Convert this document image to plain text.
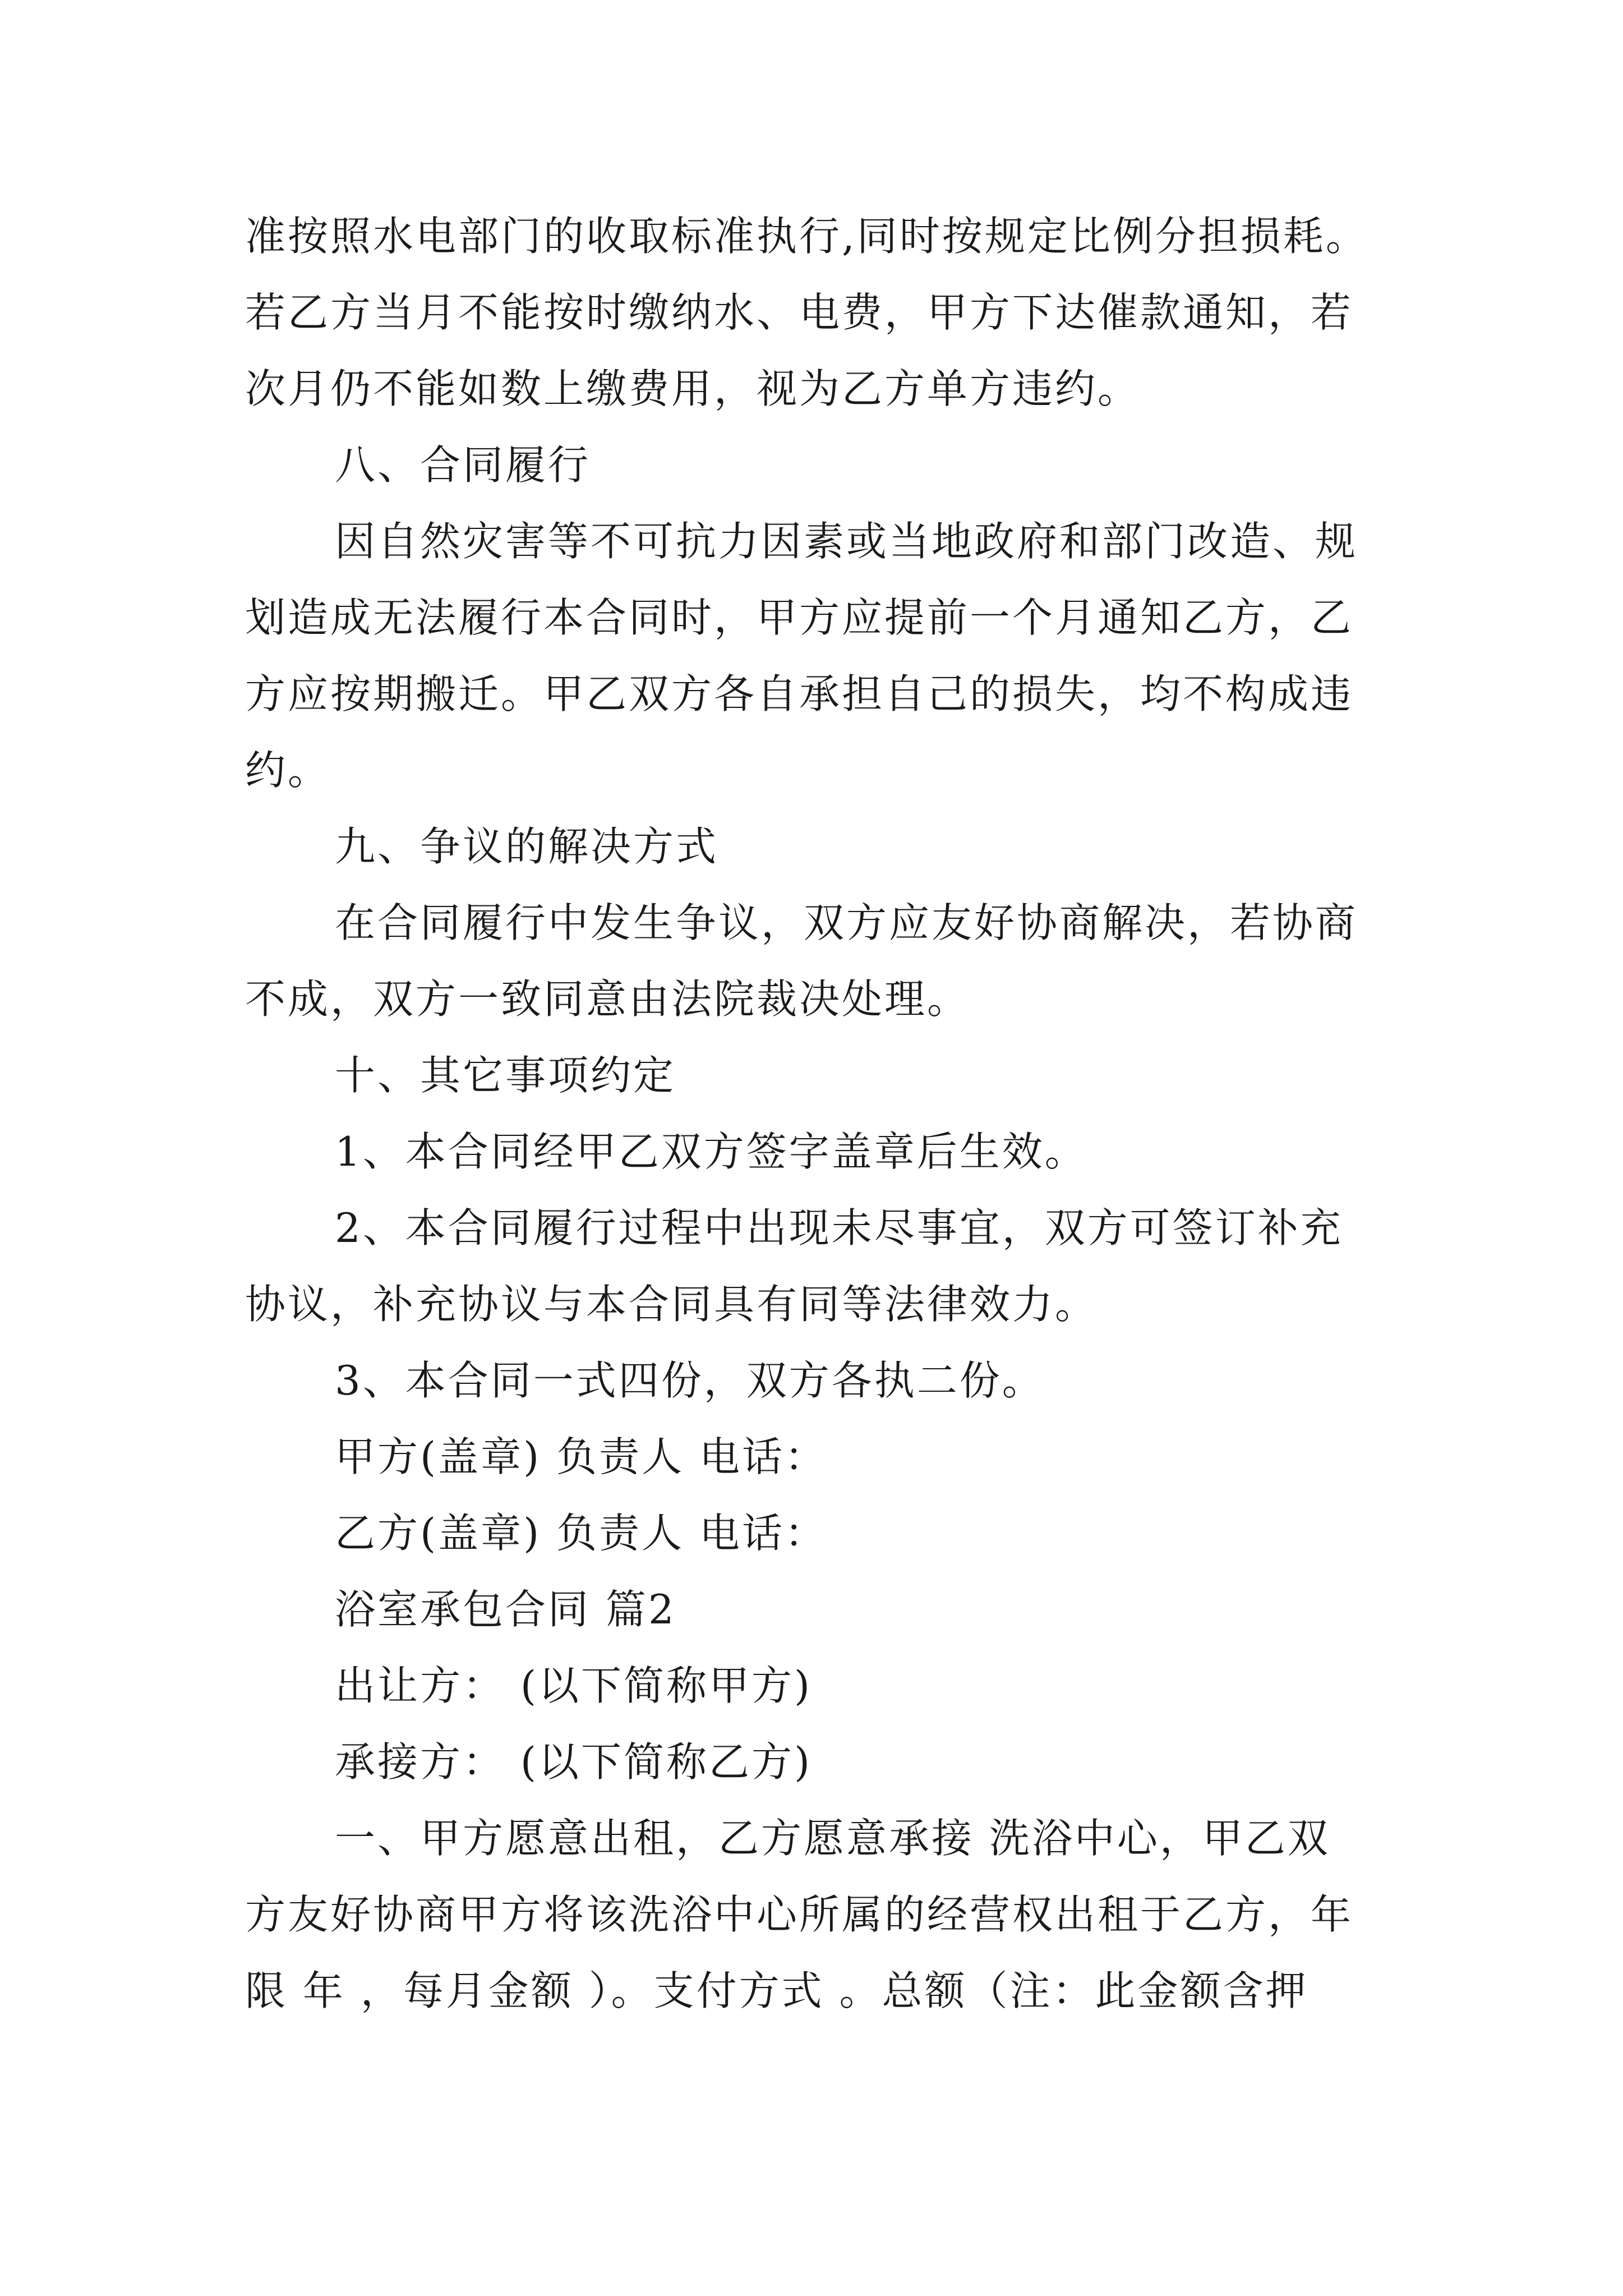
准按照水电部门的收取标准执行,同时按规定比例分担损耗。
若乙方当月不能按时缴纳水、电费，甲方下达催款通知，若
次月仍不能如数上缴费用，视为乙方单方违约。
八、合同履行
因自然灾害等不可抗力因素或当地政府和部门改造、规
划造成无法履行本合同时，甲方应提前一个月通知乙方，乙
方应按期搬迁。甲乙双方各自承担自己的损失，均不构成违
约。
九、争议的解决方式
在合同履行中发生争议，双方应友好协商解决，若协商
不成，双方一致同意由法院裁决处理。
十、其它事项约定
1、本合同经甲乙双方签字盖章后生效。
2、本合同履行过程中出现未尽事宜，双方可签订补充
协议，补充协议与本合同具有同等法律效力。
3、本合同一式四份，双方各执二份。
甲方(盖章) 负责人 电话：
乙方(盖章) 负责人 电话：
浴室承包合同 篇2
出让方： (以下简称甲方)
承接方： (以下简称乙方)
一、甲方愿意出租，乙方愿意承接 洗浴中心，甲乙双
方友好协商甲方将该洗浴中心所属的经营权出租于乙方，年
限 年 ，每月金额 ）。支付方式 。总额（注：此金额含押
